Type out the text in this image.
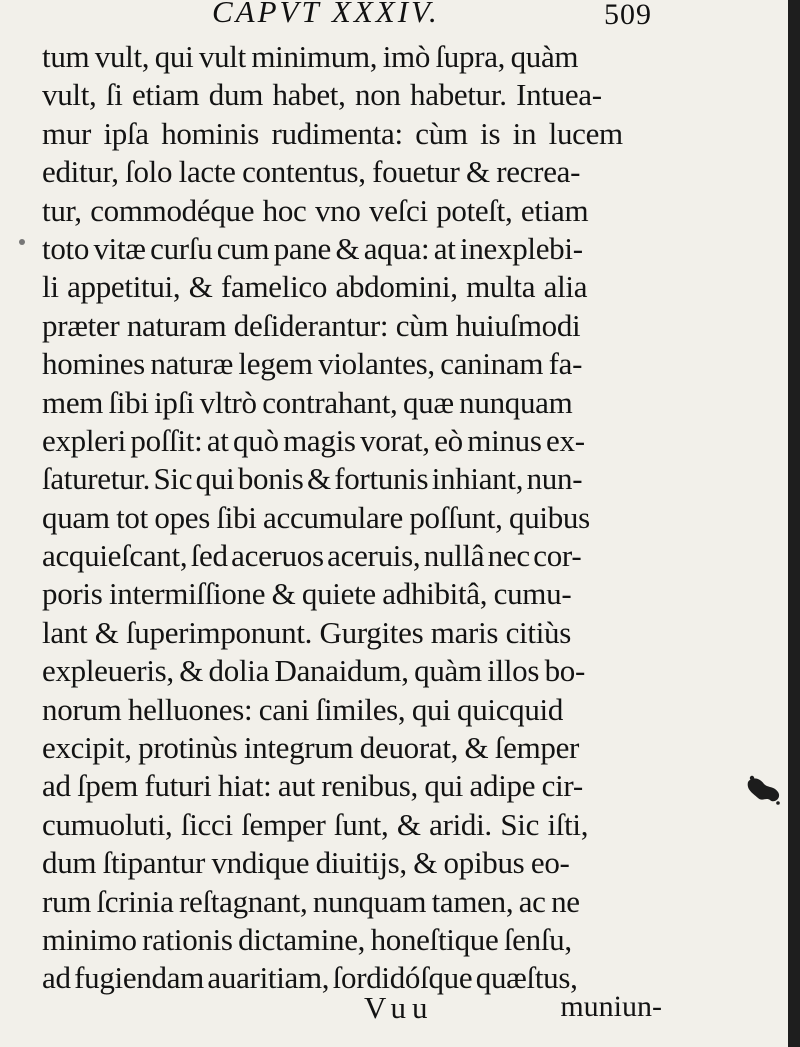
CAPVT XXXIV.	509
tum vult, qui vult minimum, imò ſupra, quàm
vult, ſi etiam dum habet, non habetur. Intuea-
mur ipſa hominis rudimenta: cùm is in lucem
editur, ſolo lacte contentus, fouetur & recrea-
tur, commodéque hoc vno veſci poteſt, etiam
toto vitæ curſu cum pane & aqua: at inexplebi-
li appetitui, & famelico abdomini, multa alia
præter naturam deſiderantur: cùm huiuſmodi
homines naturæ legem violantes, caninam fa-
mem ſibi ipſi vltrò contrahant, quæ nunquam
expleri poſſit: at quò magis vorat, eò minus ex-
ſaturetur. Sic qui bonis & fortunis inhiant, nun-
quam tot opes ſibi accumulare poſſunt, quibus
acquieſcant, ſed aceruos aceruis, nullâ nec cor-
poris intermiſſione & quiete adhibitâ, cumu-
lant & ſuperimponunt. Gurgites maris citiùs
expleueris, & dolia Danaidum, quàm illos bo-
norum helluones: cani ſimiles, qui quicquid
excipit, protinùs integrum deuorat, & ſemper
ad ſpem futuri hiat: aut renibus, qui adipe cir-
cumuoluti, ſicci ſemper ſunt, & aridi. Sic iſti,
dum ſtipantur vndique diuitijs, & opibus eo-
rum ſcrinia reſtagnant, nunquam tamen, ac ne
minimo rationis dictamine, honeſtique ſenſu,
ad fugiendam auaritiam, ſordidóſque quæſtus,
Vuu	muniun-
